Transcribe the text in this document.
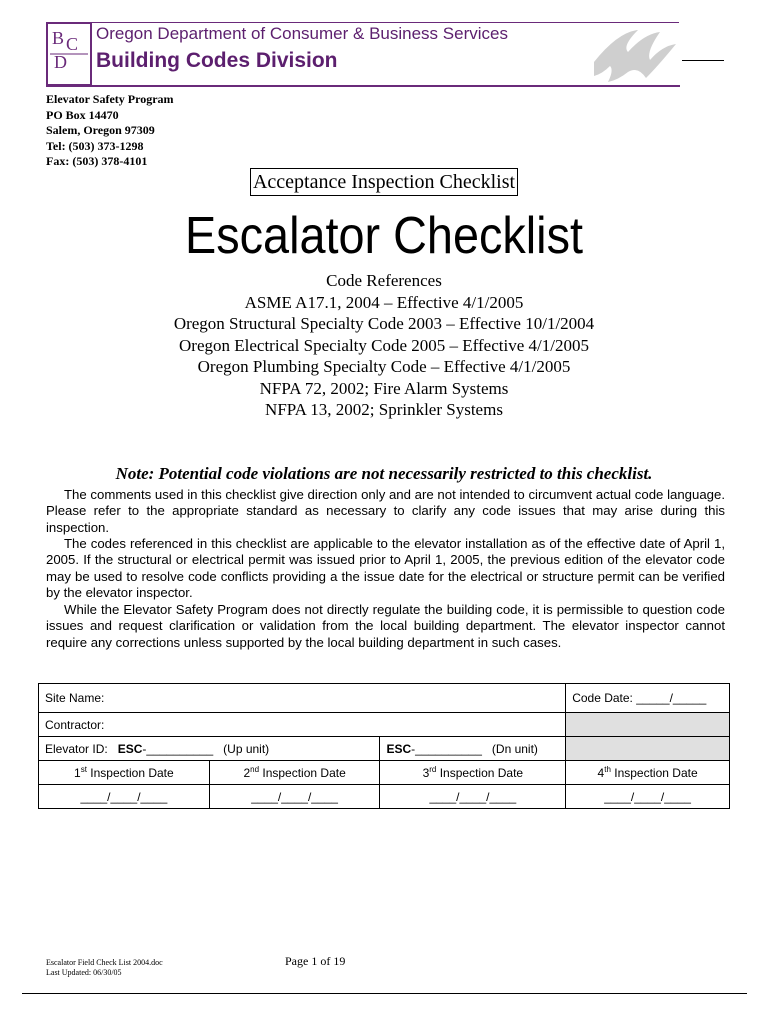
B C
D
Oregon Department of Consumer & Business Services
Building Codes Division
Elevator Safety Program
PO Box 14470
Salem, Oregon 97309
Tel: (503) 373-1298
Fax: (503) 378-4101
Acceptance Inspection Checklist
Escalator Checklist
Code References
ASME A17.1, 2004 – Effective 4/1/2005
Oregon Structural Specialty Code 2003 – Effective 10/1/2004
Oregon Electrical Specialty Code 2005 – Effective 4/1/2005
Oregon Plumbing Specialty Code – Effective 4/1/2005
NFPA 72, 2002; Fire Alarm Systems
NFPA 13, 2002; Sprinkler Systems
Note: Potential code violations are not necessarily restricted to this checklist.
The comments used in this checklist give direction only and are not intended to circumvent actual code language. Please refer to the appropriate standard as necessary to clarify any code issues that may arise during this inspection.
The codes referenced in this checklist are applicable to the elevator installation as of the effective date of April 1, 2005. If the structural or electrical permit was issued prior to April 1, 2005, the previous edition of the elevator code may be used to resolve code conflicts providing a the issue date for the electrical or structure permit can be verified by the elevator inspector.
While the Elevator Safety Program does not directly regulate the building code, it is permissible to question code issues and request clarification or validation from the local building department. The elevator inspector cannot require any corrections unless supported by the local building department in such cases.
Site Name:			Code Date: _____/_____
Contractor:			
Elevator ID: ESC-__________ (Up unit)		ESC-__________ (Dn unit)	
1st Inspection Date	2nd Inspection Date	3rd Inspection Date	4th Inspection Date
____/____/____	____/____/____	____/____/____	____/____/____
Escalator Field Check List 2004.doc
Last Updated: 06/30/05
Page 1 of 19
